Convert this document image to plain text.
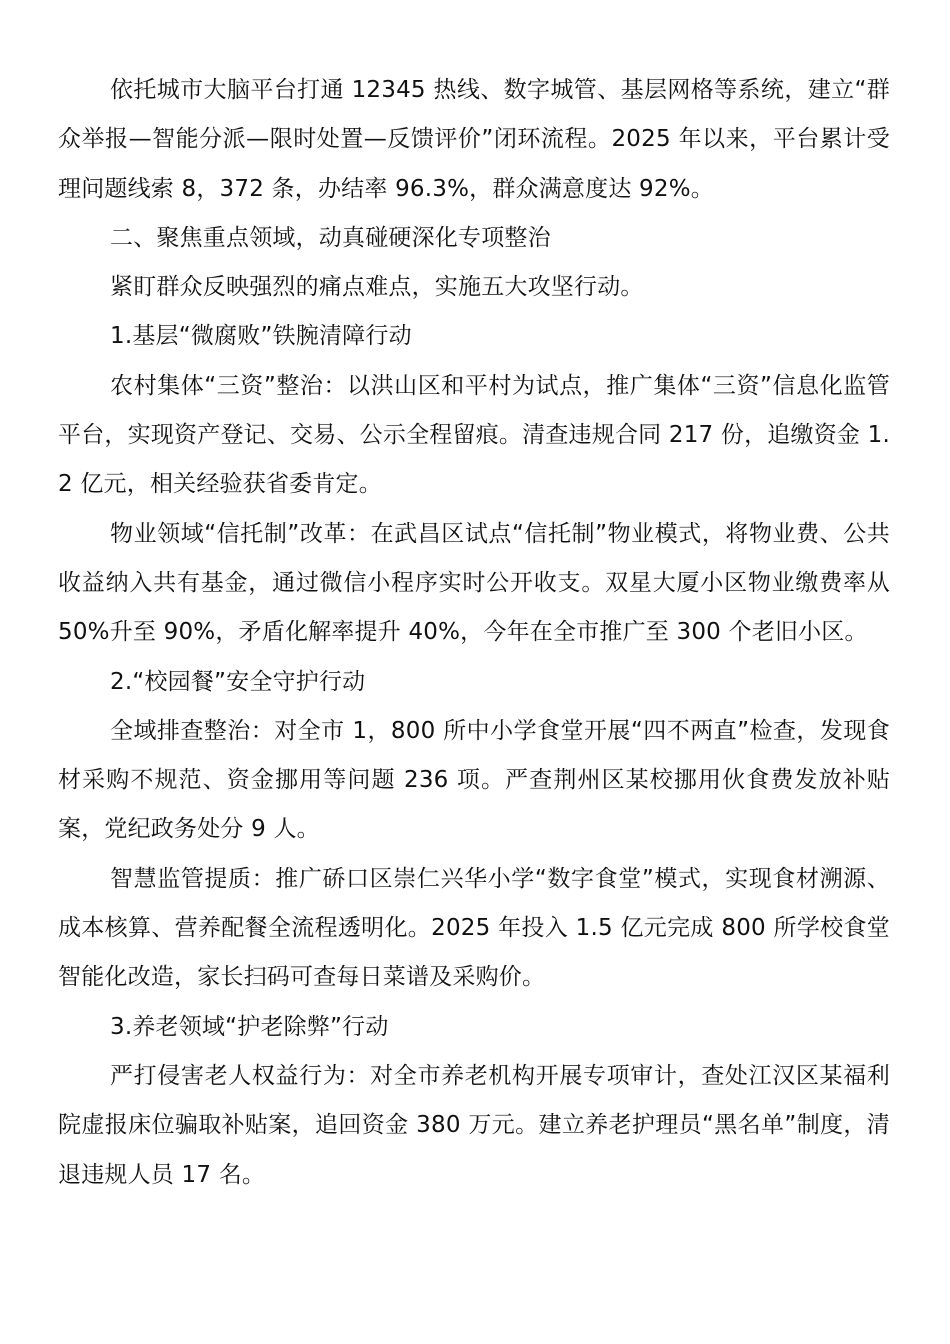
依托城市大脑平台打通 12345 热线、数字城管、基层网格等系统，建立“群众举报—智能分派—限时处置—反馈评价”闭环流程。2025 年以来，平台累计受理问题线索 8，372 条，办结率 96.3%，群众满意度达 92%。

二、聚焦重点领域，动真碰硬深化专项整治

紧盯群众反映强烈的痛点难点，实施五大攻坚行动。

1.基层“微腐败”铁腕清障行动

农村集体“三资”整治：以洪山区和平村为试点，推广集体“三资”信息化监管平台，实现资产登记、交易、公示全程留痕。清查违规合同 217 份，追缴资金 1.2 亿元，相关经验获省委肯定。

物业领域“信托制”改革：在武昌区试点“信托制”物业模式，将物业费、公共收益纳入共有基金，通过微信小程序实时公开收支。双星大厦小区物业缴费率从 50%升至 90%，矛盾化解率提升 40%，今年在全市推广至 300 个老旧小区。

2.“校园餐”安全守护行动

全域排查整治：对全市 1，800 所中小学食堂开展“四不两直”检查，发现食材采购不规范、资金挪用等问题 236 项。严查荆州区某校挪用伙食费发放补贴案，党纪政务处分 9 人。

智慧监管提质：推广硚口区崇仁兴华小学“数字食堂”模式，实现食材溯源、成本核算、营养配餐全流程透明化。2025 年投入 1.5 亿元完成 800 所学校食堂智能化改造，家长扫码可查每日菜谱及采购价。

3.养老领域“护老除弊”行动

严打侵害老人权益行为：对全市养老机构开展专项审计，查处江汉区某福利院虚报床位骗取补贴案，追回资金 380 万元。建立养老护理员“黑名单”制度，清退违规人员 17 名。
